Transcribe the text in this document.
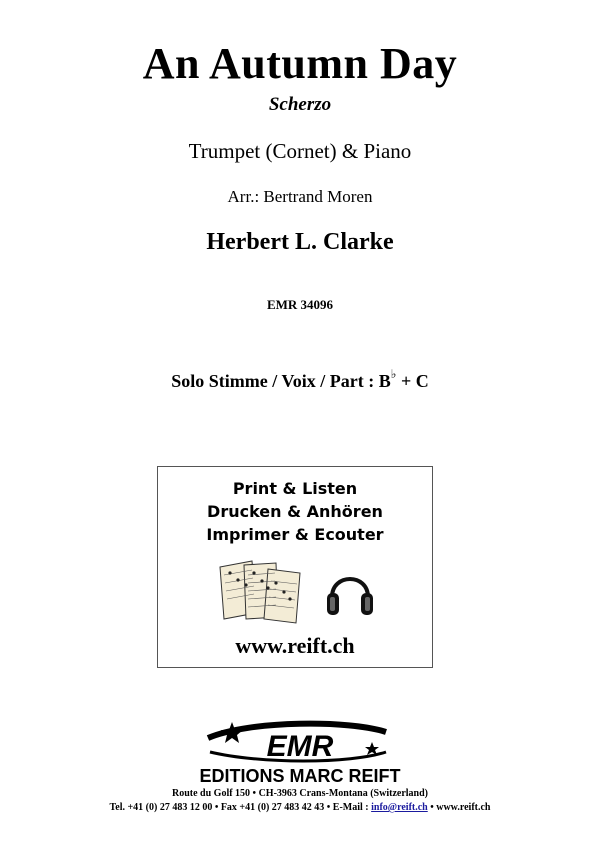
An Autumn Day
Scherzo
Trumpet (Cornet) & Piano
Arr.: Bertrand Moren
Herbert L. Clarke
EMR 34096
Solo Stimme / Voix / Part : B♭ + C
Print & Listen
Drucken & Anhören
Imprimer & Ecouter
www.reift.ch
EMR
EDITIONS MARC REIFT
Route du Golf 150 • CH-3963 Crans-Montana (Switzerland)
Tel. +41 (0) 27 483 12 00 • Fax +41 (0) 27 483 42 43 • E-Mail : info@reift.ch • www.reift.ch
